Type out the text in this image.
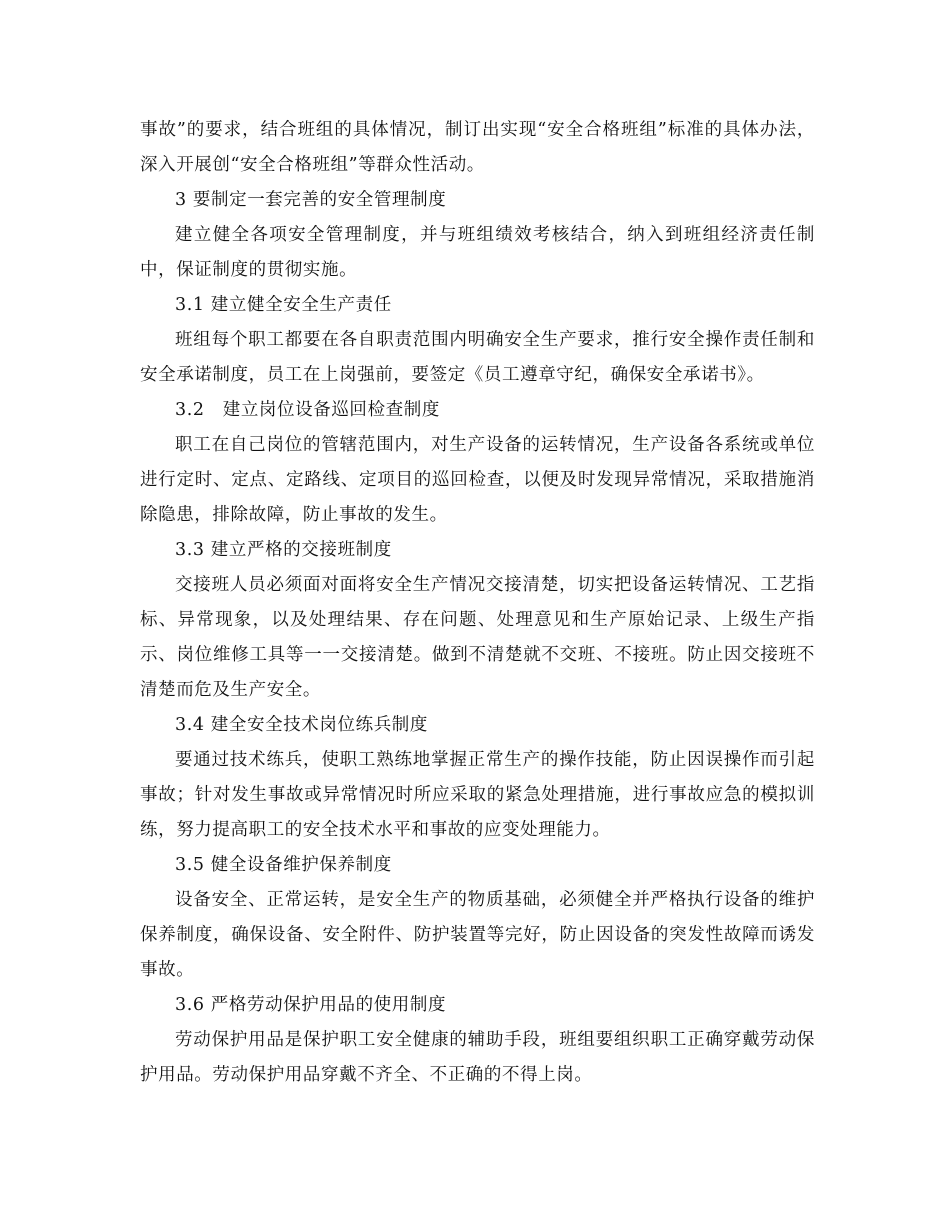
事故”的要求，结合班组的具体情况，制订出实现“安全合格班组”标准的具体办法，深入开展创“安全合格班组”等群众性活动。

3 要制定一套完善的安全管理制度

建立健全各项安全管理制度，并与班组绩效考核结合，纳入到班组经济责任制中，保证制度的贯彻实施。

3.1 建立健全安全生产责任

班组每个职工都要在各自职责范围内明确安全生产要求，推行安全操作责任制和安全承诺制度，员工在上岗强前，要签定《员工遵章守纪，确保安全承诺书》。

3.2　建立岗位设备巡回检查制度

职工在自己岗位的管辖范围内，对生产设备的运转情况，生产设备各系统或单位进行定时、定点、定路线、定项目的巡回检查，以便及时发现异常情况，采取措施消除隐患，排除故障，防止事故的发生。

3.3 建立严格的交接班制度

交接班人员必须面对面将安全生产情况交接清楚，切实把设备运转情况、工艺指标、异常现象，以及处理结果、存在问题、处理意见和生产原始记录、上级生产指示、岗位维修工具等一一交接清楚。做到不清楚就不交班、不接班。防止因交接班不清楚而危及生产安全。

3.4 建全安全技术岗位练兵制度

要通过技术练兵，使职工熟练地掌握正常生产的操作技能，防止因误操作而引起事故；针对发生事故或异常情况时所应采取的紧急处理措施，进行事故应急的模拟训练，努力提高职工的安全技术水平和事故的应变处理能力。

3.5 健全设备维护保养制度

设备安全、正常运转，是安全生产的物质基础，必须健全并严格执行设备的维护保养制度，确保设备、安全附件、防护装置等完好，防止因设备的突发性故障而诱发事故。

3.6 严格劳动保护用品的使用制度

劳动保护用品是保护职工安全健康的辅助手段，班组要组织职工正确穿戴劳动保护用品。劳动保护用品穿戴不齐全、不正确的不得上岗。
